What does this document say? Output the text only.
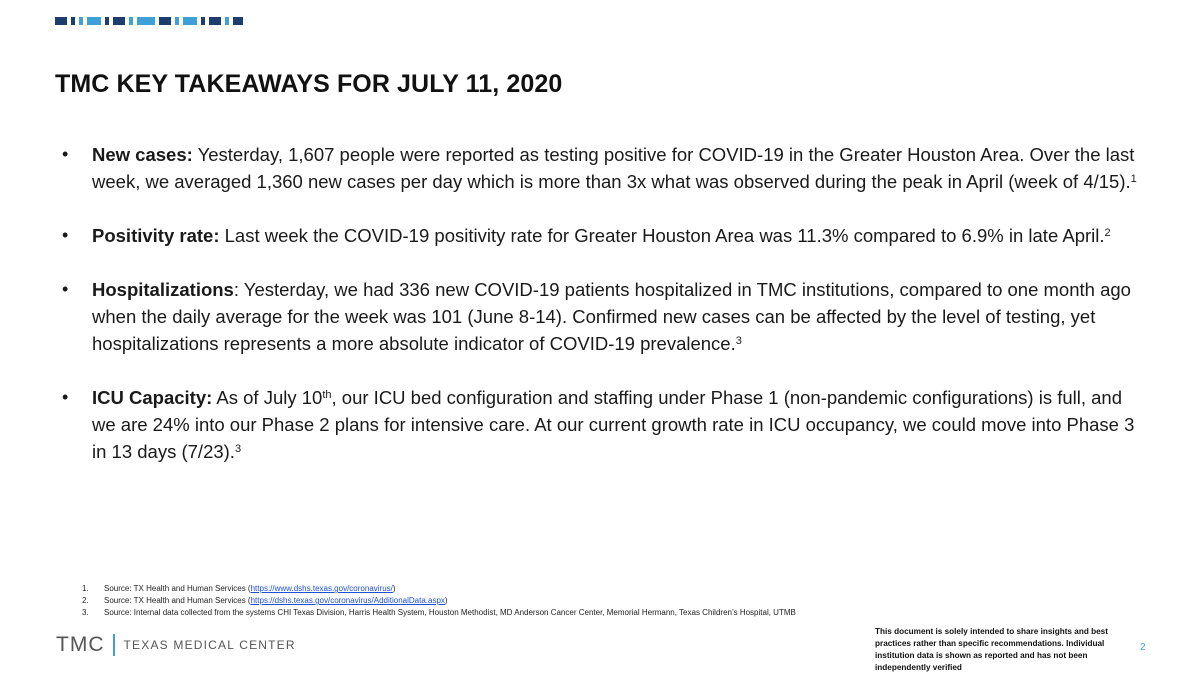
TMC KEY TAKEAWAYS FOR JULY 11, 2020
• New cases: Yesterday, 1,607 people were reported as testing positive for COVID-19 in the Greater Houston Area. Over the last week, we averaged 1,360 new cases per day which is more than 3x what was observed during the peak in April (week of 4/15).$^1$
• Positivity rate: Last week the COVID-19 positivity rate for Greater Houston Area was 11.3% compared to 6.9% in late April.$^2$
• Hospitalizations: Yesterday, we had 336 new COVID-19 patients hospitalized in TMC institutions, compared to one month ago when the daily average for the week was 101 (June 8-14). Confirmed new cases can be affected by the level of testing, yet hospitalizations represents a more absolute indicator of COVID-19 prevalence.$^3$
• ICU Capacity: As of July 10th, our ICU bed configuration and staffing under Phase 1 (non-pandemic configurations) is full, and we are 24% into our Phase 2 plans for intensive care. At our current growth rate in ICU occupancy, we could move into Phase 3 in 13 days (7/23).$^3$
1.	Source: TX Health and Human Services (https://www.dshs.texas.gov/coronavirus/)
2.	Source: TX Health and Human Services (https://dshs.texas.gov/coronavirus/AdditionalData.aspx)
3.	Source: Internal data collected from the systems CHI Texas Division, Harris Health System, Houston Methodist, MD Anderson Cancer Center, Memorial Hermann, Texas Children’s Hospital, UTMB
TMC TEXAS MEDICAL CENTER
This document is solely intended to share insights and best practices rather than specific recommendations. Individual institution data is shown as reported and has not been independently verified
2
